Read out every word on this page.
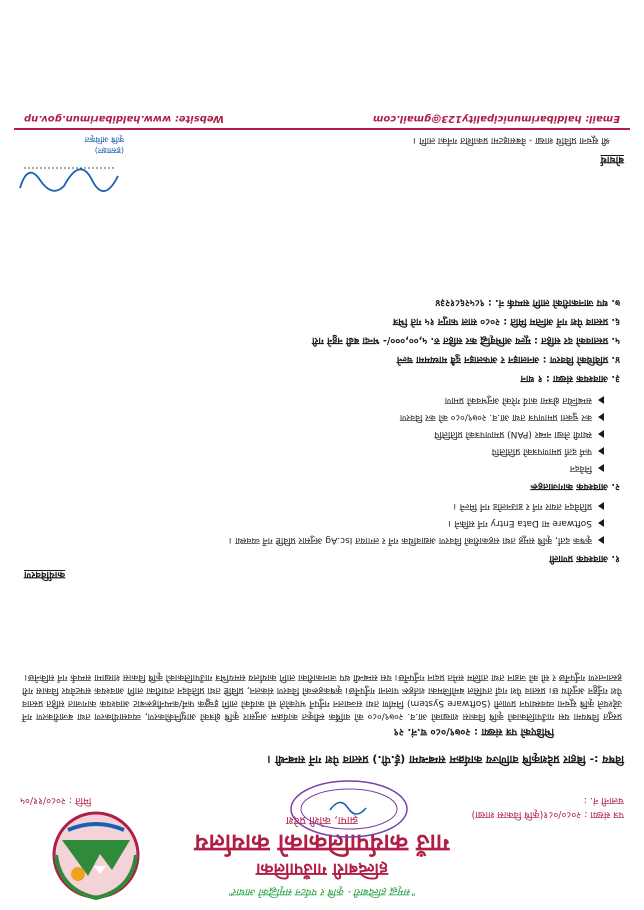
"समृद्ध हल्दिबारी - कृषि र पर्यटन समृद्धिको आधार"
हल्दिबारी गाउँपालिका
गाउँ कार्यपालिकाको कार्यालय
झापा, कोशी प्रदेश	पत्र संख्या : २०८०/०८१(कृषि विकास शाखा)
चलानी नं. :
मिति : २०८०/११/०५
विषय :- बिहार प्रदेशकृषि वाणिज्य कार्यक्रम सम्बन्धमा (ई.पी.) प्रस्ताव पेश गर्ने सम्बन्धी ।
भिडिएको पत्र संख्या : २०७९/०८० च.नं. २९
प्रस्तुत विषयमा यस गाउँपालिकाको कृषि विकास शाखाको आ.व. २०७९/०८० को वार्षिक स्वीकृत कार्यक्रम अनुसार कृषि क्षेत्रको आधुनिकीकरण, व्यवसायीकरण तथा बजारीकरण गर्ने उद्देश्यले कृषि सूचना व्यवस्थापन प्रणाली (Software System) निर्माण तथा सञ्चालन गर्नुपर्ने भएकोले सो कार्यको लागि इच्छुक फर्म/कम्पनीहरूबाट आवश्यक कागजात सहित प्रस्ताव पेश गर्नुहुन अनुरोध छ। प्रस्ताव पेश गर्दा तपसिल बमोजिमका शर्तहरू पालना गर्नुपर्नेछ। कृषकहरूको विवरण संकलन, प्रविष्टि तथा प्रतिवेदन तयारीका लागि आवश्यक सफ्टवेयर विकास गरी हस्तान्तरण गर्नुपर्नेछ र सो को जडान तथा तालिम समेत प्रदान गर्नुपर्नेछ। यस सम्बन्धी थप जानकारीका लागि कार्यालय समयभित्र गाउँपालिकाको कृषि विकास शाखामा सम्पर्क गर्न सकिनेछ।
कार्यविवरण
१. आवश्यक प्रणाली
कृषक दर्ता, कृषि समूह तथा सहकारीको विवरण अद्यावधिक गर्ने र लगायत Isc.Ag अनुसार प्रविष्टि गर्ने व्यवस्था ।
Software मा Data Entry गर्न सकिने ।
प्रतिवेदन तयार गर्न र डाउनलोड गर्न मिल्ने ।
२. आवश्यक कागजातहरू
निवेदन
फर्म दर्ता प्रमाणपत्रको प्रतिलिपि
स्थायी लेखा नम्बर (PAN) प्रमाणपत्रको प्रतिलिपि
कर चुक्ता प्रमाणपत्र तथा आ.व. २०७९/०८० को कर विवरण
सम्बन्धित क्षेत्रमा कार्य गरेको अनुभवको प्रमाण
३. आवश्यक संख्या : १ थान
४. प्रविधिको विवरण : अनलाइन र अफलाइन दुवै माध्यममा चल्ने
५. प्रस्तावको दर सहित : मूल्य अभिवृद्धि कर सहित रु. ५,००,०००/- भन्दा बढी नहुने गरी
६. प्रस्ताव पेश गर्ने अन्तिम मिति : २०८० साल फागुन १५ गते भित्र
७. थप जानकारीको लागि सम्पर्क नं. : ९८५२६८१२३४
(हस्ताक्षर)
कृषि अधिकृत
बोधार्थ
श्री सूचना प्रविधि शाखा - वेबसाइटमा प्रकाशित गर्नका लागि ।
Email: haldibarimunicipality123@gmail.com
Website: www.haldibarimun.gov.np
